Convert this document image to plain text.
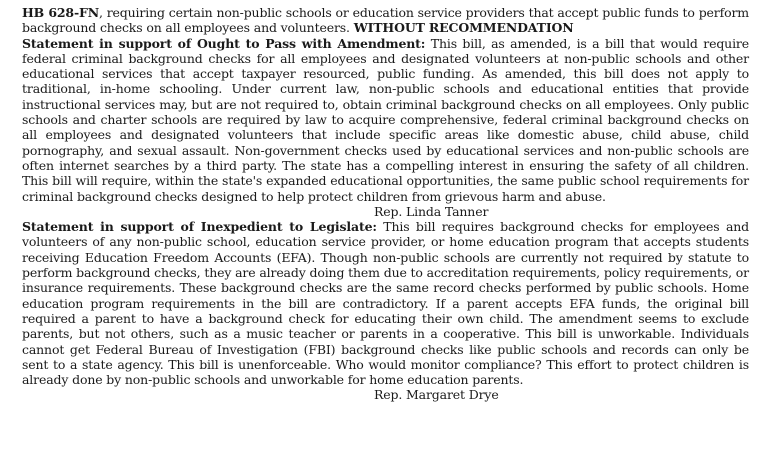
HB 628-FN, requiring certain non-public schools or education service providers that accept public funds to perform background checks on all employees and volunteers. WITHOUT RECOMMENDATION

Statement in support of Ought to Pass with Amendment: This bill, as amended, is a bill that would require federal criminal background checks for all employees and designated volunteers at non-public schools and other educational services that accept taxpayer resourced, public funding. As amended, this bill does not apply to traditional, in-home schooling. Under current law, non-public schools and educational entities that provide instructional services may, but are not required to, obtain criminal background checks on all employees. Only public schools and charter schools are required by law to acquire comprehensive, federal criminal background checks on all employees and designated volunteers that include specific areas like domestic abuse, child abuse, child pornography, and sexual assault. Non-government checks used by educational services and non-public schools are often internet searches by a third party. The state has a compelling interest in ensuring the safety of all children. This bill will require, within the state's expanded educational opportunities, the same public school requirements for criminal background checks designed to help protect children from grievous harm and abuse.

Rep. Linda Tanner

Statement in support of Inexpedient to Legislate: This bill requires background checks for employees and volunteers of any non-public school, education service provider, or home education program that accepts students receiving Education Freedom Accounts (EFA). Though non-public schools are currently not required by statute to perform background checks, they are already doing them due to accreditation requirements, policy requirements, or insurance requirements. These background checks are the same record checks performed by public schools. Home education program requirements in the bill are contradictory. If a parent accepts EFA funds, the original bill required a parent to have a background check for educating their own child. The amendment seems to exclude parents, but not others, such as a music teacher or parents in a cooperative. This bill is unworkable. Individuals cannot get Federal Bureau of Investigation (FBI) background checks like public schools and records can only be sent to a state agency. This bill is unenforceable. Who would monitor compliance? This effort to protect children is already done by non-public schools and unworkable for home education parents.

Rep. Margaret Drye
